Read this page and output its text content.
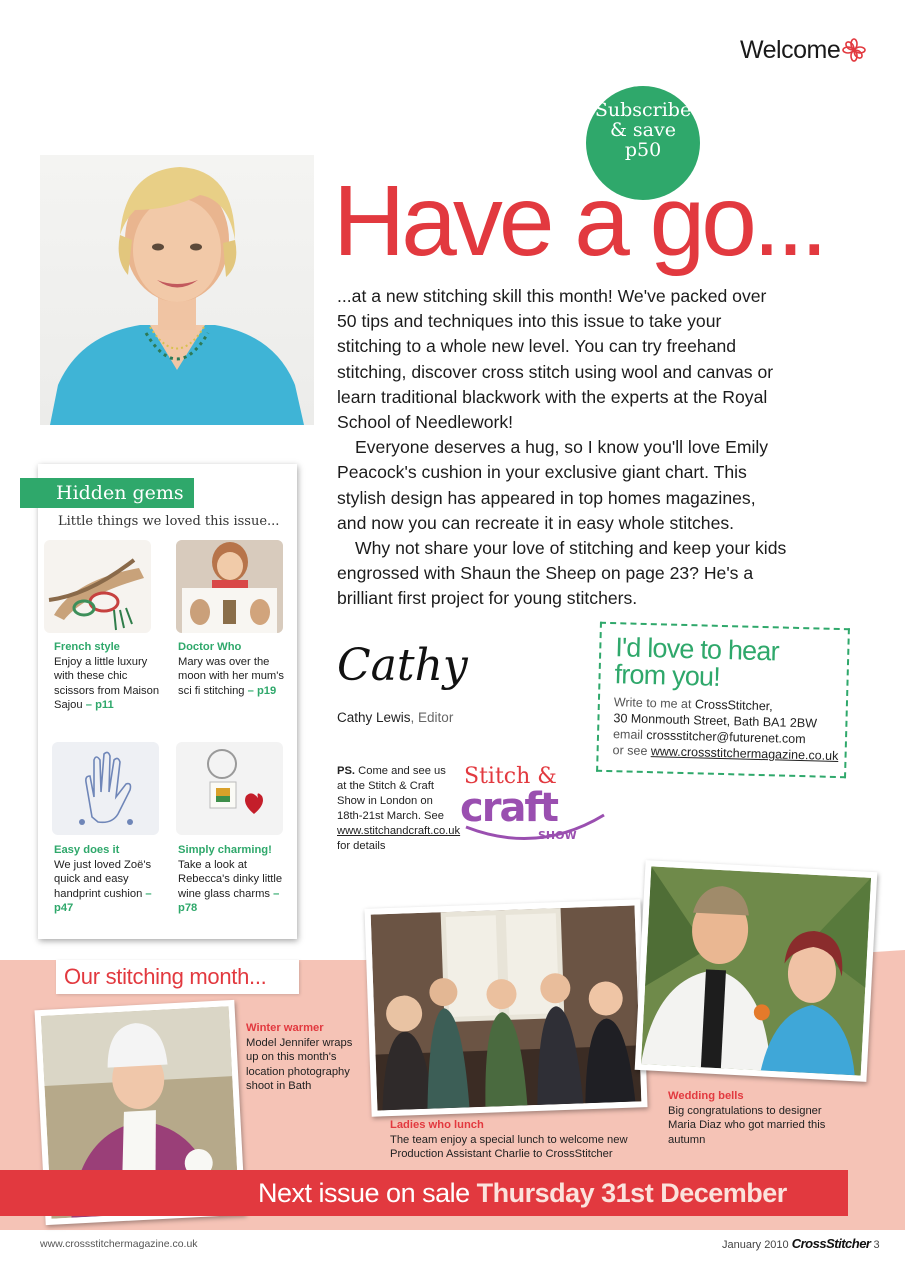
Welcome
Subscribe
& save
p50
Have a go...

...at a new stitching skill this month! We've packed over 50 tips and techniques into this issue to take your stitching to a whole new level. You can try freehand stitching, discover cross stitch using wool and canvas or learn traditional blackwork with the experts at the Royal School of Needlework!

Everyone deserves a hug, so I know you'll love Emily Peacock's cushion in your exclusive giant chart. This stylish design has appeared in top homes magazines, and now you can recreate it in easy whole stitches.

Why not share your love of stitching and keep your kids engrossed with Shaun the Sheep on page 23? He's a brilliant first project for young stitchers.

Cathy
Cathy Lewis, Editor
I'd love to hear
from you!
Write to me at CrossStitcher,
30 Monmouth Street, Bath BA1 2BW
email crossstitcher@futurenet.com
or see www.crossstitchermagazine.co.uk
PS. Come and see us at the Stitch & Craft Show in London on 18th-21st March. See www.stitchandcraft.co.uk for details
Stitch &
craft
SHOW
Hidden gems
Little things we loved this issue...
French style
Enjoy a little luxury with these chic scissors from Maison Sajou – p11
Doctor Who
Mary was over the moon with her mum's sci fi stitching – p19
Easy does it
We just loved Zoë's quick and easy handprint cushion – p47
Simply charming!
Take a look at Rebecca's dinky little wine glass charms – p78
Our stitching month...
Winter warmer
Model Jennifer wraps up on this month's location photography shoot in Bath
Ladies who lunch
The team enjoy a special lunch to welcome new Production Assistant Charlie to CrossStitcher
Wedding bells
Big congratulations to designer Maria Diaz who got married this autumn
Next issue on sale Thursday 31st December
www.crossstitchermagazine.co.uk	January 2010 CrossStitcher 3
